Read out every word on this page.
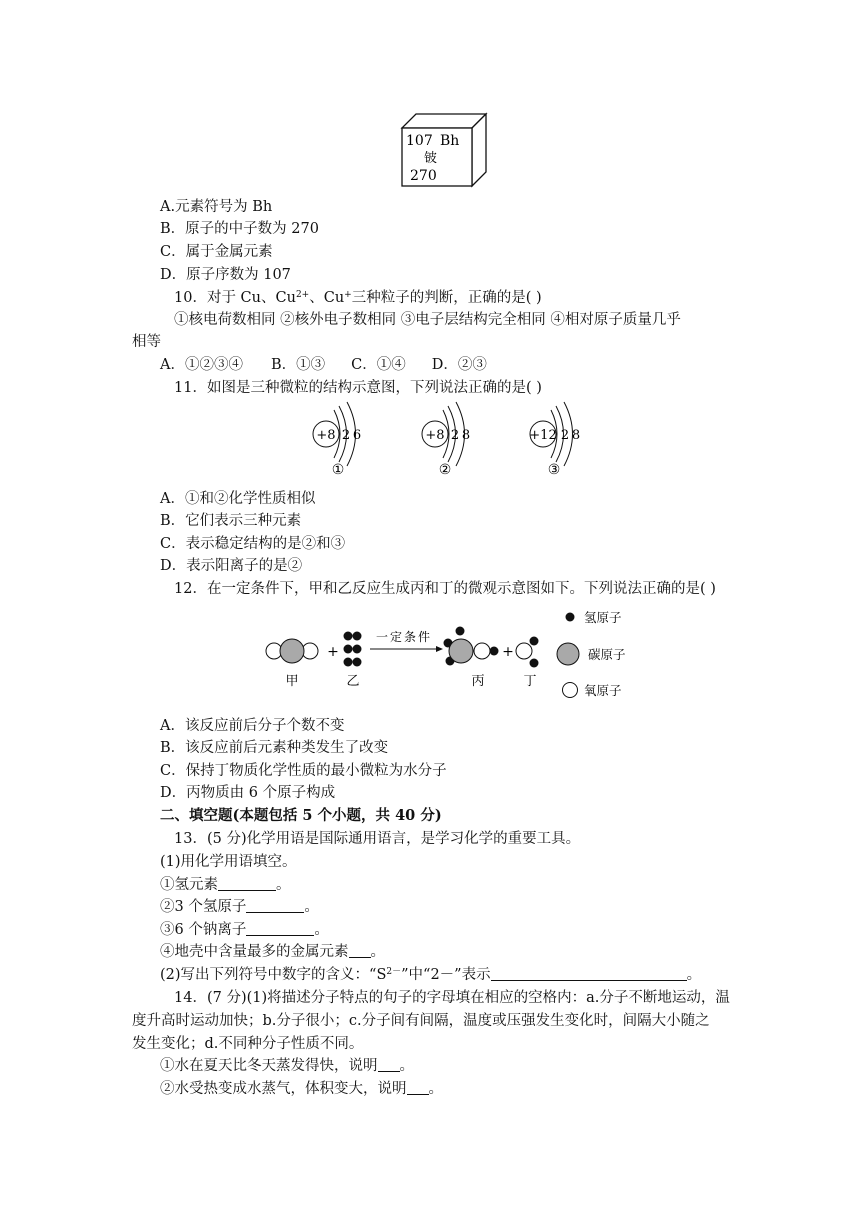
107 Bh
铍
270
A.元素符号为 Bh
B．原子的中子数为 270
C．属于金属元素
D．原子序数为 107
10．对于 Cu、$Cu^{2+}$、Cu+三种粒子的判断，正确的是( )
①核电荷数相同 ②核外电子数相同 ③电子层结构完全相同 ④相对原子质量几乎
相等
A．①②③④ B．①③ C．①④ D．②③
11．如图是三种微粒的结构示意图，下列说法正确的是( )
+8 2 6
①
+8 2 8
②
+12 2 8
③
A．①和②化学性质相似
B．它们表示三种元素
C．表示稳定结构的是②和③
D．表示阳离子的是②
12．在一定条件下，甲和乙反应生成丙和丁的微观示意图如下。下列说法正确的是( )
甲
+
乙
一定条件
丙
+
丁
氢原子
碳原子
氧原子
A．该反应前后分子个数不变
B．该反应前后元素种类发生了改变
C．保持丁物质化学性质的最小微粒为水分子
D．丙物质由 6 个原子构成
二、填空题(本题包括 5 个小题，共 40 分)
13．(5 分)化学用语是国际通用语言，是学习化学的重要工具。
(1)用化学用语填空。
①氢元素	。
②3 个氢原子	。
③6 个钠离子	。
④地壳中含量最多的金属元素 。
(2)写出下列符号中数字的含义：“$S^{2-}$”中“2－”表示	。
14．(7 分)(1)将描述分子特点的句子的字母填在相应的空格内：a.分子不断地运动，温
度升高时运动加快；b.分子很小；c.分子间有间隔，温度或压强发生变化时，间隔大小随之
发生变化；d.不同种分子性质不同。
①水在夏天比冬天蒸发得快，说明 。
②水受热变成水蒸气，体积变大，说明 。
